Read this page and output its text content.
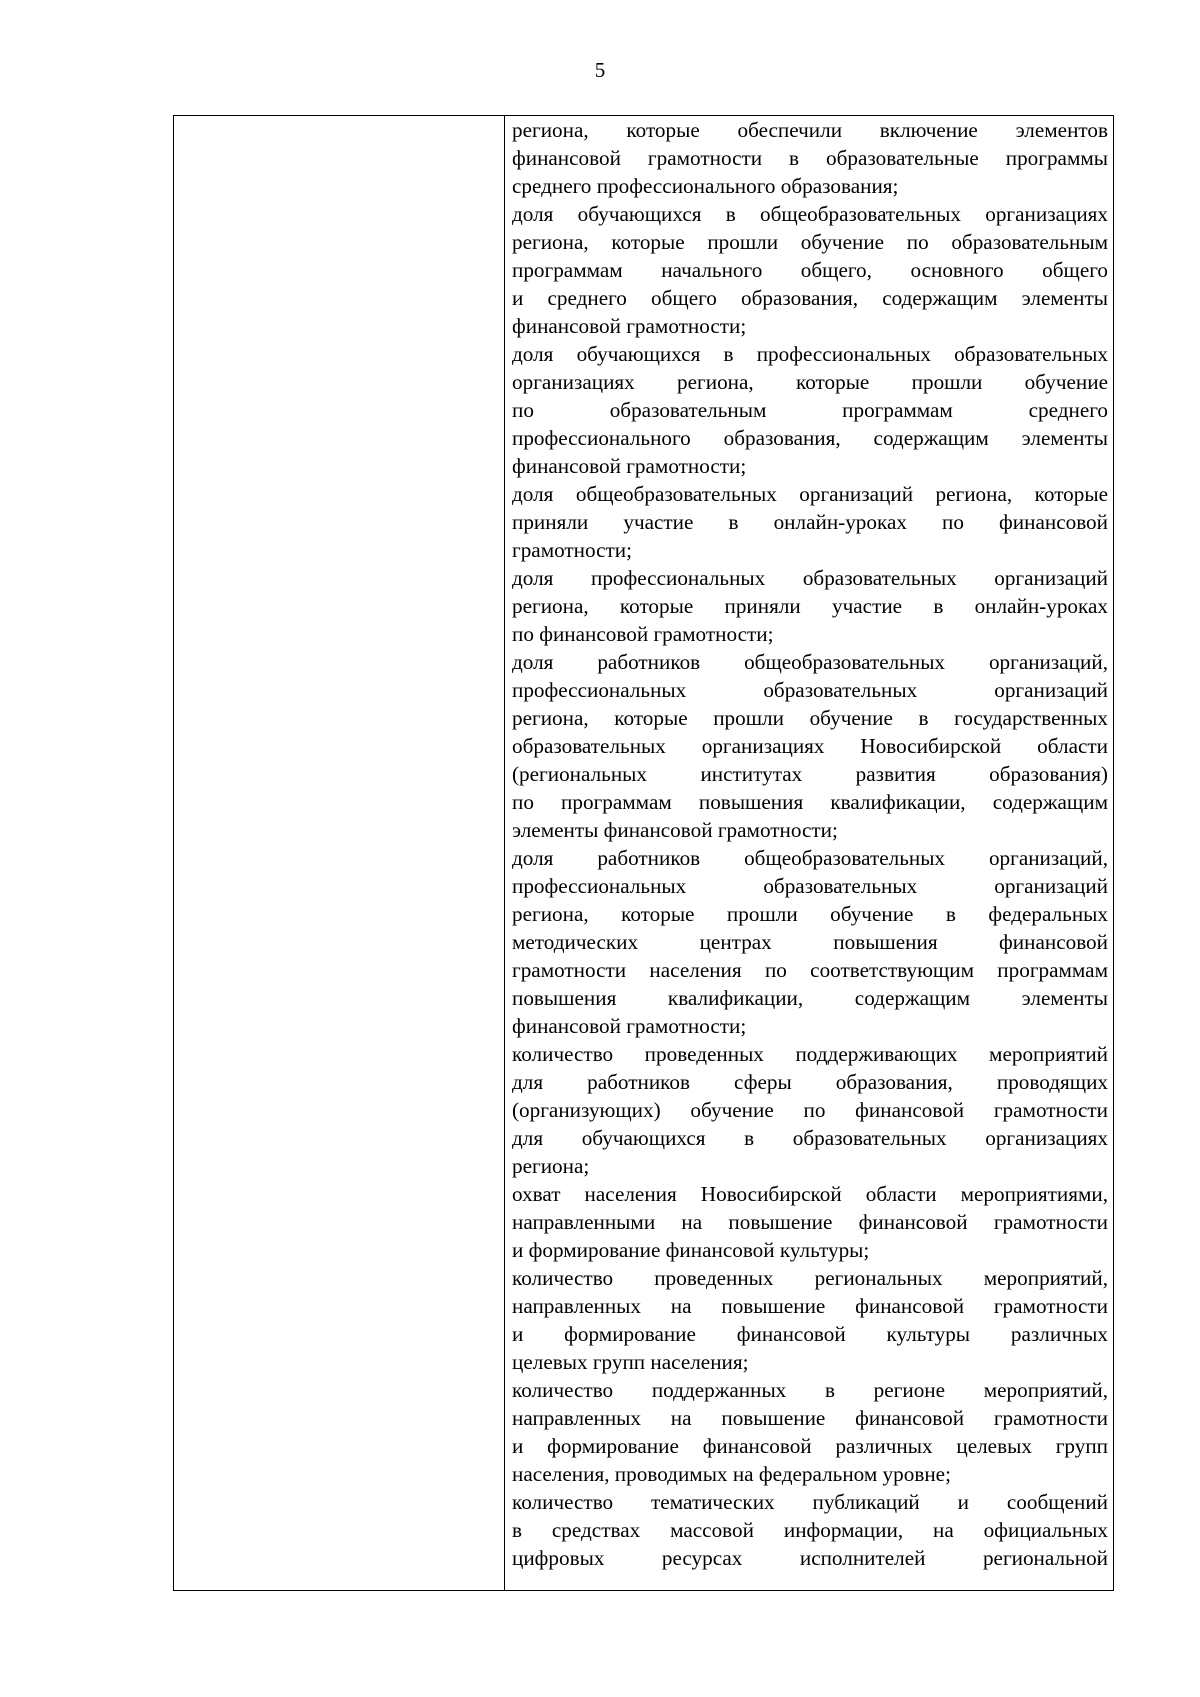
5
региона, которые обеспечили включение элементов
финансовой грамотности в образовательные программы
среднего профессионального образования;
доля обучающихся в общеобразовательных организациях
региона, которые прошли обучение по образовательным
программам начального общего, основного общего
и среднего общего образования, содержащим элементы
финансовой грамотности;
доля обучающихся в профессиональных образовательных
организациях региона, которые прошли обучение
по образовательным программам среднего
профессионального образования, содержащим элементы
финансовой грамотности;
доля общеобразовательных организаций региона, которые
приняли участие в онлайн-уроках по финансовой
грамотности;
доля профессиональных образовательных организаций
региона, которые приняли участие в онлайн-уроках
по финансовой грамотности;
доля работников общеобразовательных организаций,
профессиональных образовательных организаций
региона, которые прошли обучение в государственных
образовательных организациях Новосибирской области
(региональных институтах развития образования)
по программам повышения квалификации, содержащим
элементы финансовой грамотности;
доля работников общеобразовательных организаций,
профессиональных образовательных организаций
региона, которые прошли обучение в федеральных
методических центрах повышения финансовой
грамотности населения по соответствующим программам
повышения квалификации, содержащим элементы
финансовой грамотности;
количество проведенных поддерживающих мероприятий
для работников сферы образования, проводящих
(организующих) обучение по финансовой грамотности
для обучающихся в образовательных организациях
региона;
охват населения Новосибирской области мероприятиями,
направленными на повышение финансовой грамотности
и формирование финансовой культуры;
количество проведенных региональных мероприятий,
направленных на повышение финансовой грамотности
и формирование финансовой культуры различных
целевых групп населения;
количество поддержанных в регионе мероприятий,
направленных на повышение финансовой грамотности
и формирование финансовой различных целевых групп
населения, проводимых на федеральном уровне;
количество тематических публикаций и сообщений
в средствах массовой информации, на официальных
цифровых ресурсах исполнителей региональной
